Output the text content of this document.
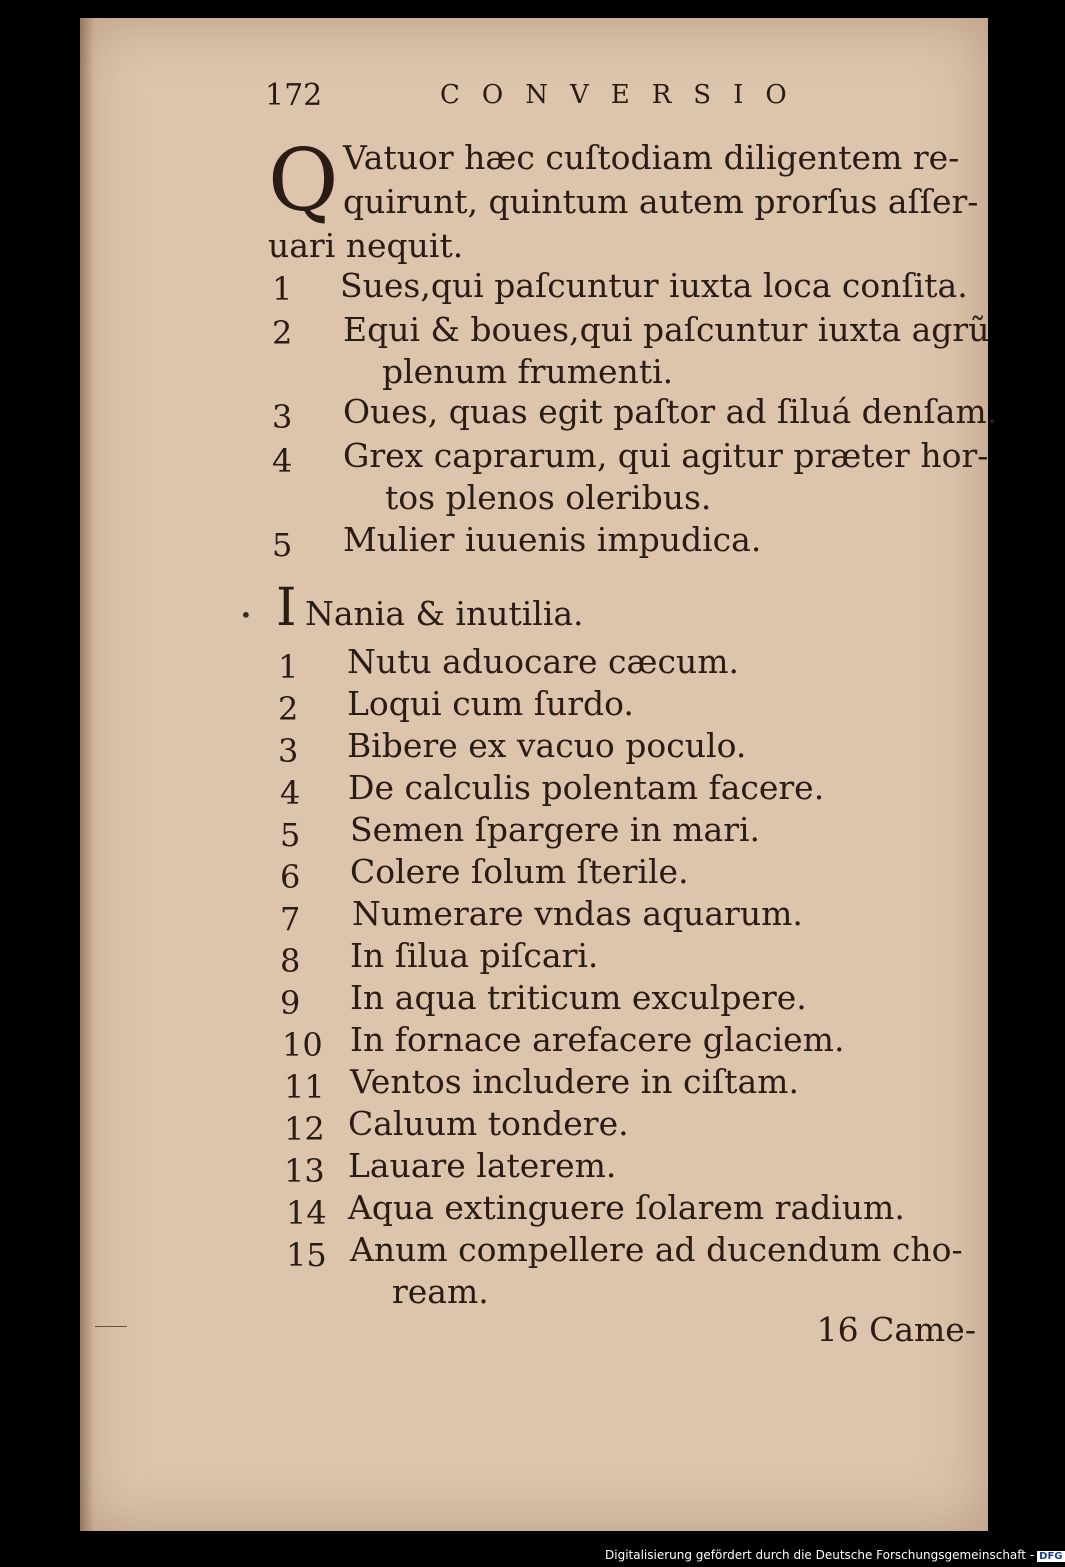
172	CONVERSIO
Q Vatuor hæc cuſtodiam diligentem re-
quirunt, quintum autem prorſus aſſer-
uari nequit.
1 Sues,qui paſcuntur iuxta loca conſita.
2 Equi & boues,qui paſcuntur iuxta agrũ
plenum frumenti.
3 Oues, quas egit paſtor ad ſiluá denſam.
4 Grex caprarum, qui agitur præter hor-
tos plenos oleribus.
5 Mulier iuuenis impudica.
• I Nania & inutilia.
1 Nutu aduocare cæcum.
2 Loqui cum ſurdo.
3 Bibere ex vacuo poculo.
4 De calculis polentam facere.
5 Semen ſpargere in mari.
6 Colere ſolum ſterile.
7 Numerare vndas aquarum.
8 In ſilua piſcari.
9 In aqua triticum exculpere.
10 In fornace arefacere glaciem.
11 Ventos includere in ciſtam.
12 Caluum tondere.
13 Lauare laterem.
14 Aqua extinguere ſolarem radium.
15 Anum compellere ad ducendum cho-
ream.
16 Came-
Digitalisierung gefördert durch die Deutsche Forschungsgemeinschaft - DFG
